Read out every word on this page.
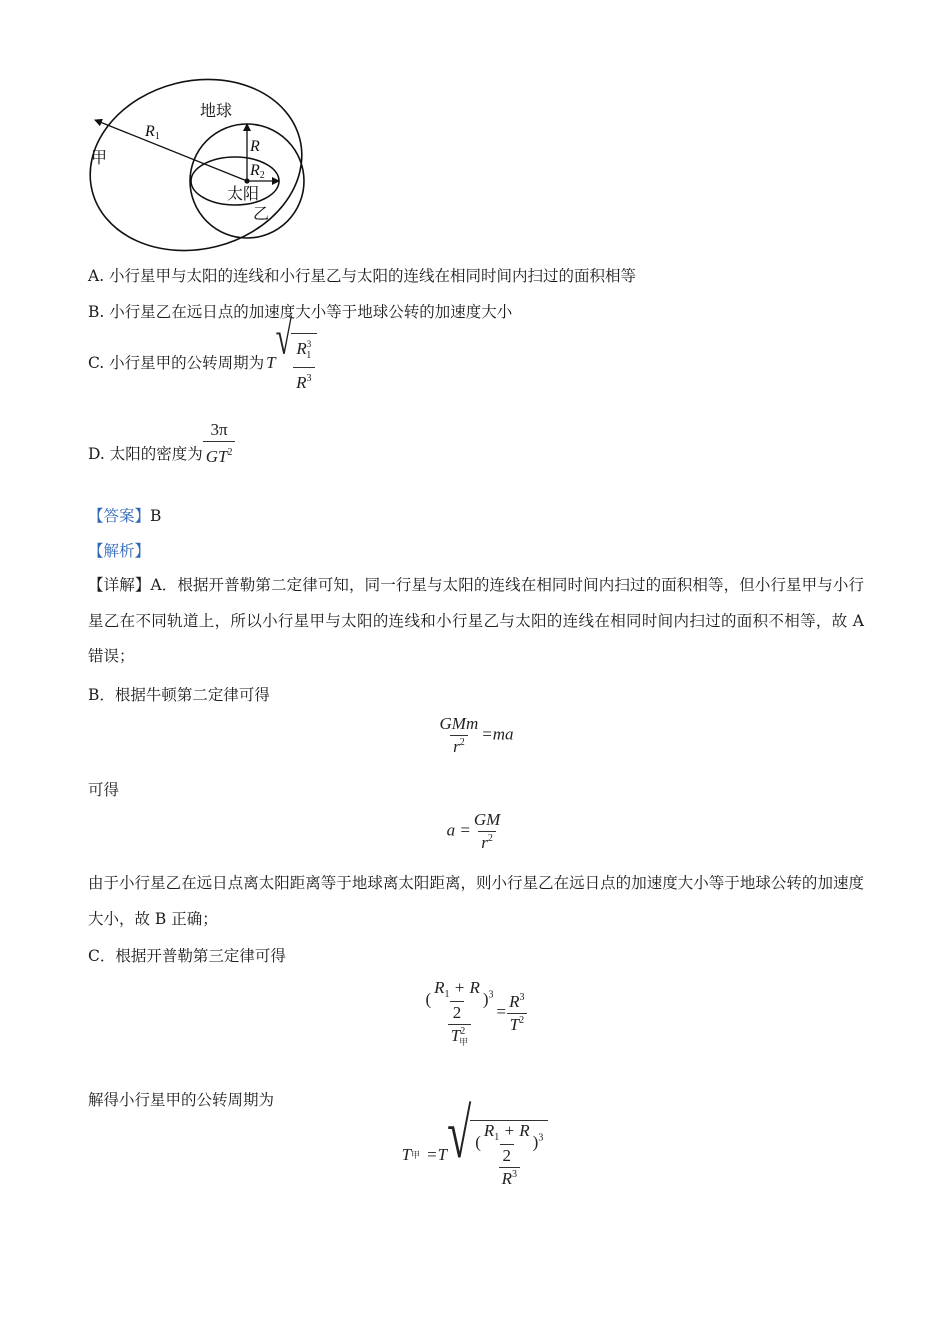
地球
甲
乙
太阳
R1
R
R2
A. 小行星甲与太阳的连线和小行星乙与太阳的连线在相同时间内扫过的面积相等
B. 小行星乙在远日点的加速度大小等于地球公转的加速度大小
C. 小行星甲的公转周期为 T √ $\frac{R^3_1}{R^3}$
D. 太阳的密度为 $\frac{3\pi}{GT^2}$
【答案】B
【解析】
【详解】A．根据开普勒第二定律可知，同一行星与太阳的连线在相同时间内扫过的面积相等，但小行星甲与小行星乙在不同轨道上，所以小行星甲与太阳的连线和小行星乙与太阳的连线在相同时间内扫过的面积不相等，故 A 错误；
B．根据牛顿第二定律可得
$\frac{\text{GMm}}{r^2} =ma$
可得
$a = \frac{GM}{r^2}$
由于小行星乙在远日点离太阳距离等于地球离太阳距离，则小行星乙在远日点的加速度大小等于地球公转的加速度大小，故 B 正确；
C．根据开普勒第三定律可得
$\frac{( \frac{R_1 + R}{2} )^3}{T^2_甲} = \frac{R^3}{T^2}$
解得小行星甲的公转周期为
T 甲 =T √ $\frac{( \frac{R_1 + R}{2} )^3}{R^3}$
